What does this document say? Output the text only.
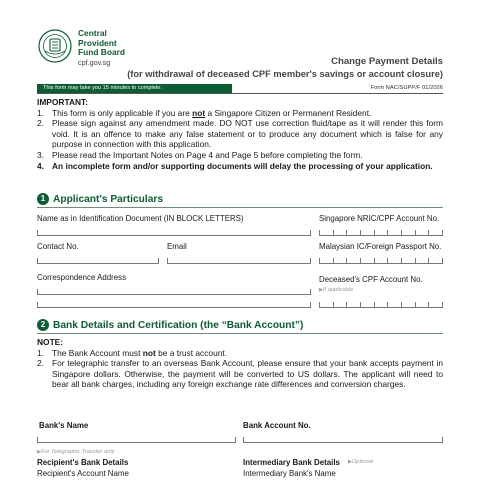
Central
Provident
Fund Board
cpf.gov.sg	Change Payment Details
(for withdrawal of deceased CPF member's savings or account closure)
This form may take you 15 minutes to complete.	Form NAC/SUPP/F 01/2026
IMPORTANT:
1. This form is only applicable if you are not a Singapore Citizen or Permanent Resident.
2. Please sign against any amendment made. DO NOT use correction fluid/tape as it will render this form void. It is an offence to make any false statement or to produce any document which is false for any purpose in connection with this application.
3. Please read the Important Notes on Page 4 and Page 5 before completing the form.
4. An incomplete form and/or supporting documents will delay the processing of your application.
1 Applicant's Particulars
Name as in Identification Document (IN BLOCK LETTERS)	Singapore NRIC/CPF Account No.
Contact No.	Email	Malaysian IC/Foreign Passport No.
Correspondence Address	Deceased's CPF Account No.
▶ If applicable
2 Bank Details and Certification (the “Bank Account”)
NOTE:
1. The Bank Account must not be a trust account.
2. For telegraphic transfer to an overseas Bank Account, please ensure that your bank accepts payment in Singapore dollars. Otherwise, the payment will be converted to US dollars. The applicant will need to bear all bank charges, including any foreign exchange rate differences and conversion charges.
Bank's Name	Bank Account No.
▶ For Telegraphic Transfer only
Recipient's Bank Details
Recipient's Account Name
Intermediary Bank Details
▶	Optional
Intermediary Bank's Name
